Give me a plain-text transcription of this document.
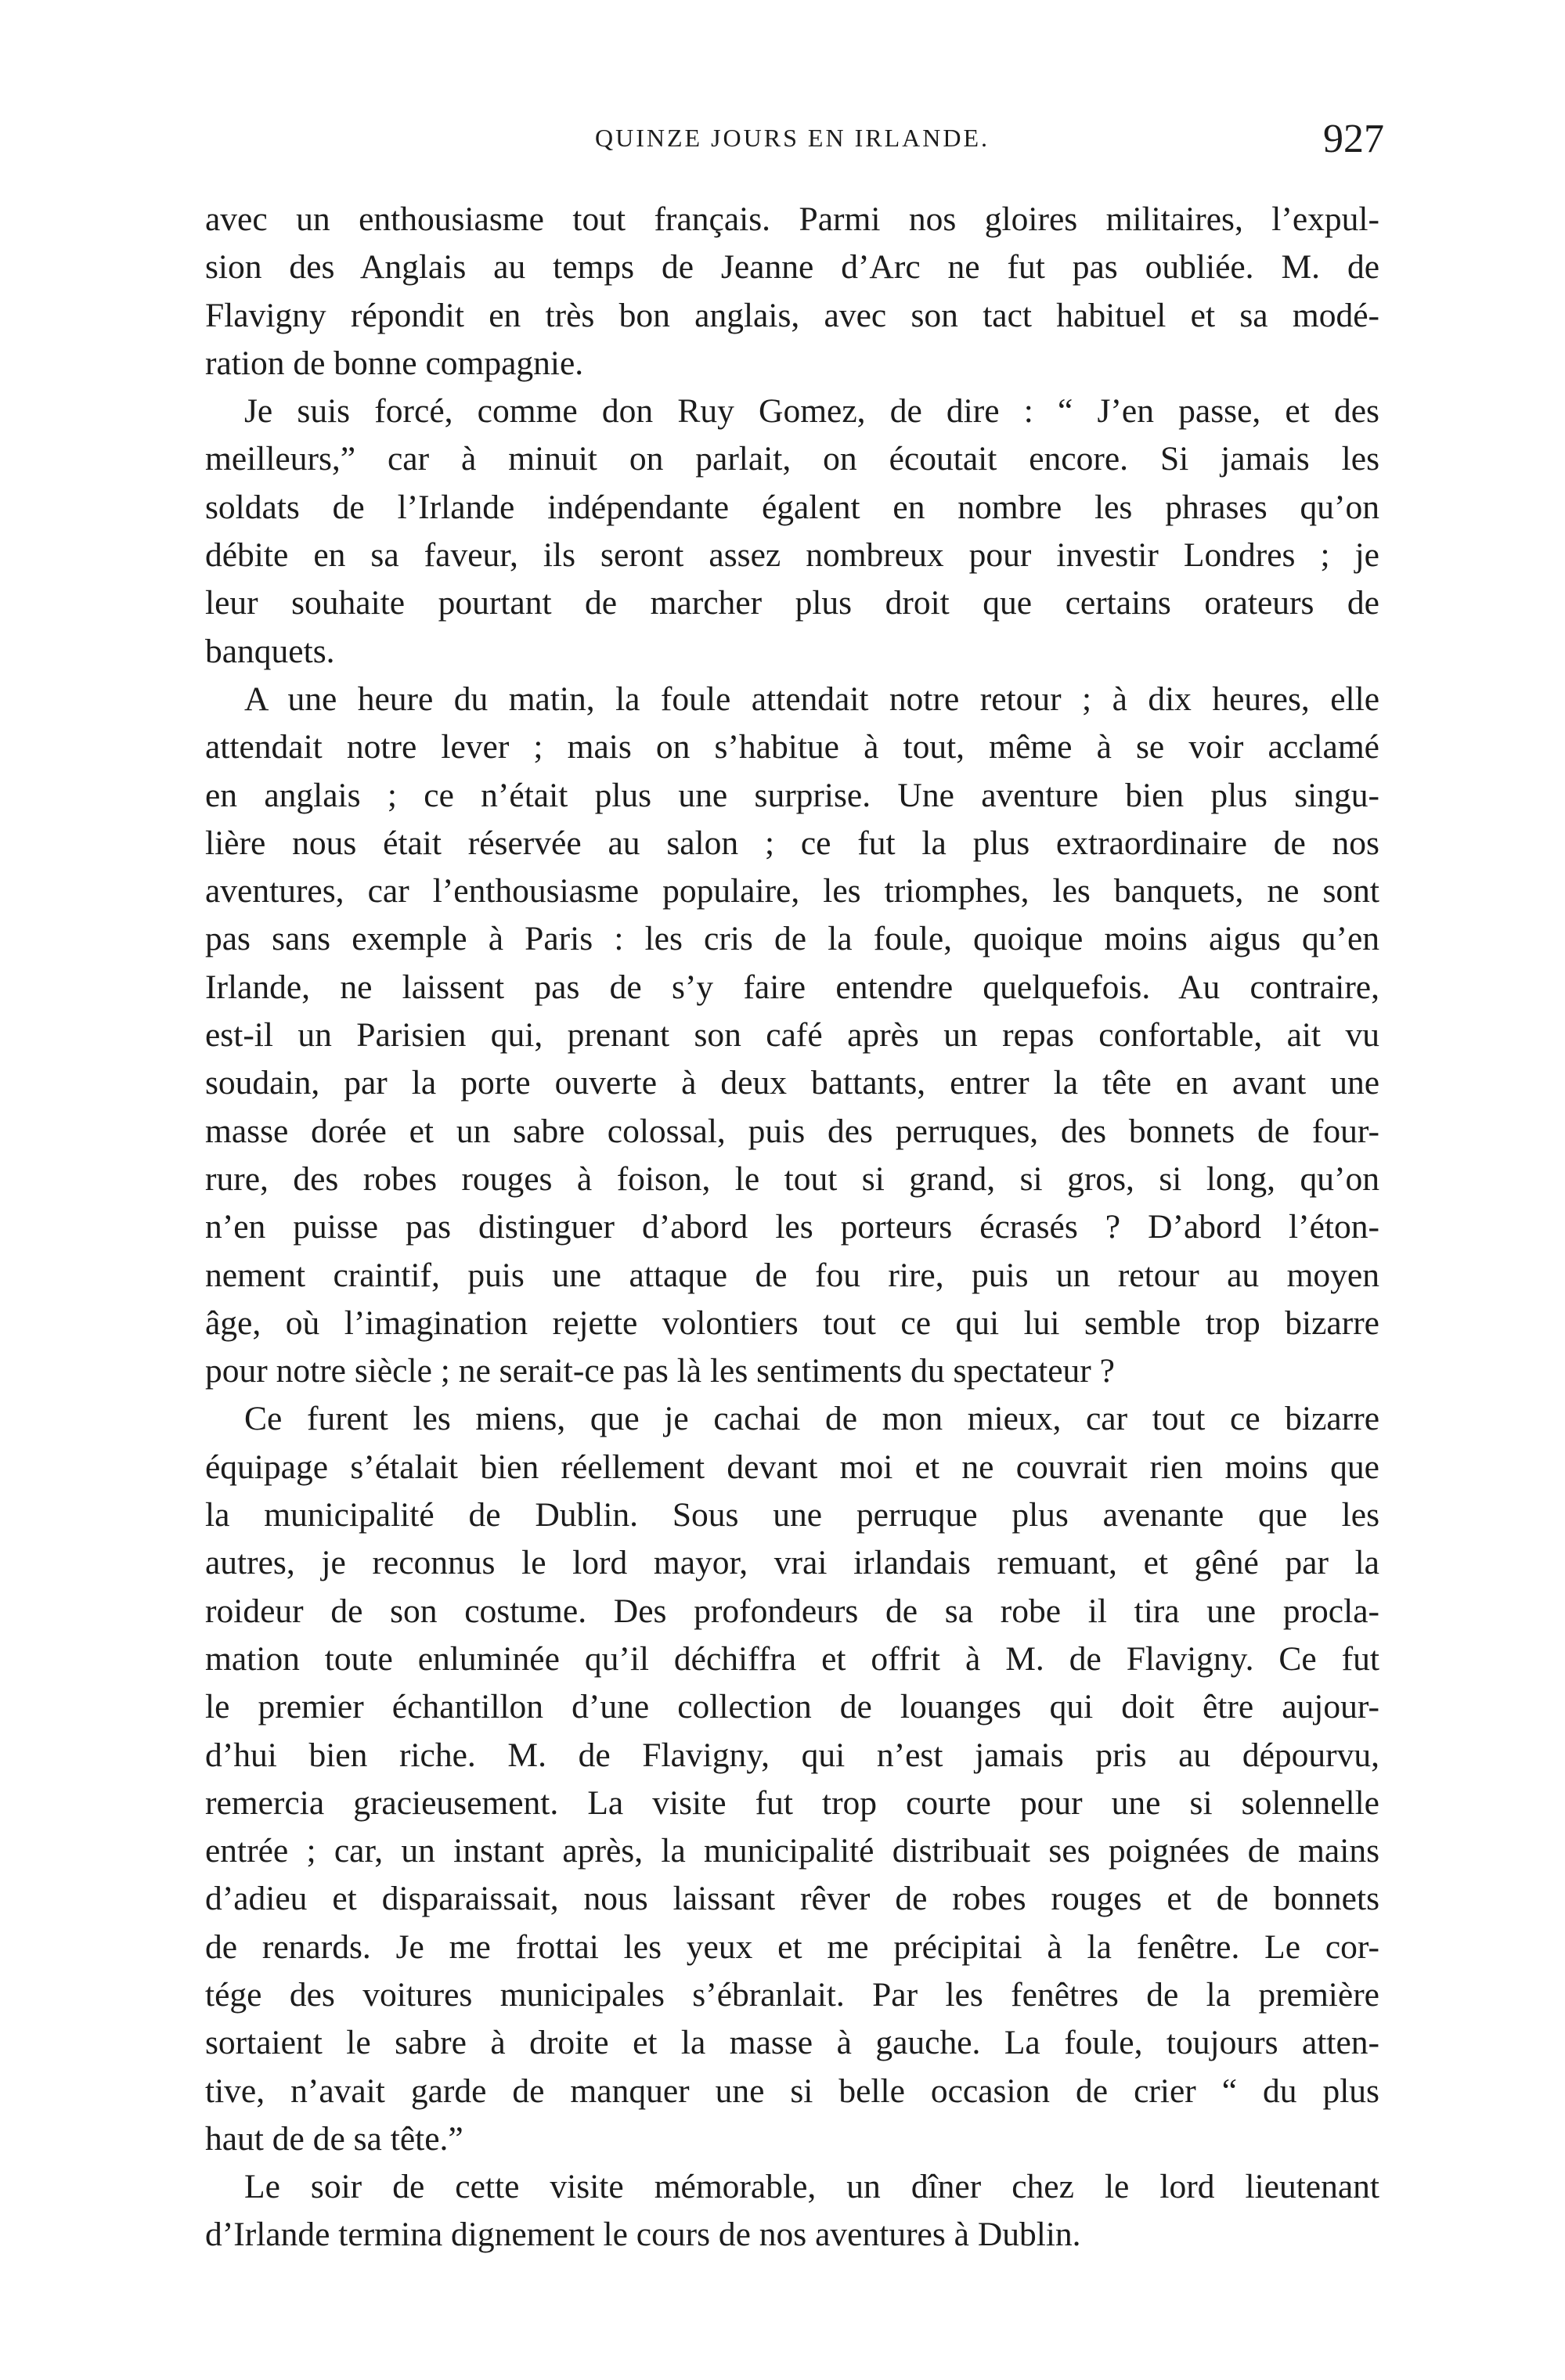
QUINZE JOURS EN IRLANDE.	927
avec un enthousiasme tout français. Parmi nos gloires militaires, l’expul-
sion des Anglais au temps de Jeanne d’Arc ne fut pas oubliée. M. de
Flavigny répondit en très bon anglais, avec son tact habituel et sa modé-
ration de bonne compagnie.
Je suis forcé, comme don Ruy Gomez, de dire : “ J’en passe, et des
meilleurs,” car à minuit on parlait, on écoutait encore. Si jamais les
soldats de l’Irlande indépendante égalent en nombre les phrases qu’on
débite en sa faveur, ils seront assez nombreux pour investir Londres ; je
leur souhaite pourtant de marcher plus droit que certains orateurs de
banquets.
A une heure du matin, la foule attendait notre retour ; à dix heures, elle
attendait notre lever ; mais on s’habitue à tout, même à se voir acclamé
en anglais ; ce n’était plus une surprise. Une aventure bien plus singu-
lière nous était réservée au salon ; ce fut la plus extraordinaire de nos
aventures, car l’enthousiasme populaire, les triomphes, les banquets, ne sont
pas sans exemple à Paris : les cris de la foule, quoique moins aigus qu’en
Irlande, ne laissent pas de s’y faire entendre quelquefois. Au contraire,
est-il un Parisien qui, prenant son café après un repas confortable, ait vu
soudain, par la porte ouverte à deux battants, entrer la tête en avant une
masse dorée et un sabre colossal, puis des perruques, des bonnets de four-
rure, des robes rouges à foison, le tout si grand, si gros, si long, qu’on
n’en puisse pas distinguer d’abord les porteurs écrasés ? D’abord l’éton-
nement craintif, puis une attaque de fou rire, puis un retour au moyen
âge, où l’imagination rejette volontiers tout ce qui lui semble trop bizarre
pour notre siècle ; ne serait-ce pas là les sentiments du spectateur ?
Ce furent les miens, que je cachai de mon mieux, car tout ce bizarre
équipage s’étalait bien réellement devant moi et ne couvrait rien moins que
la municipalité de Dublin. Sous une perruque plus avenante que les
autres, je reconnus le lord mayor, vrai irlandais remuant, et gêné par la
roideur de son costume. Des profondeurs de sa robe il tira une procla-
mation toute enluminée qu’il déchiffra et offrit à M. de Flavigny. Ce fut
le premier échantillon d’une collection de louanges qui doit être aujour-
d’hui bien riche. M. de Flavigny, qui n’est jamais pris au dépourvu,
remercia gracieusement. La visite fut trop courte pour une si solennelle
entrée ; car, un instant après, la municipalité distribuait ses poignées de mains
d’adieu et disparaissait, nous laissant rêver de robes rouges et de bonnets
de renards. Je me frottai les yeux et me précipitai à la fenêtre. Le cor-
tége des voitures municipales s’ébranlait. Par les fenêtres de la première
sortaient le sabre à droite et la masse à gauche. La foule, toujours atten-
tive, n’avait garde de manquer une si belle occasion de crier “ du plus
haut de de sa tête.”
Le soir de cette visite mémorable, un dîner chez le lord lieutenant
d’Irlande termina dignement le cours de nos aventures à Dublin.
